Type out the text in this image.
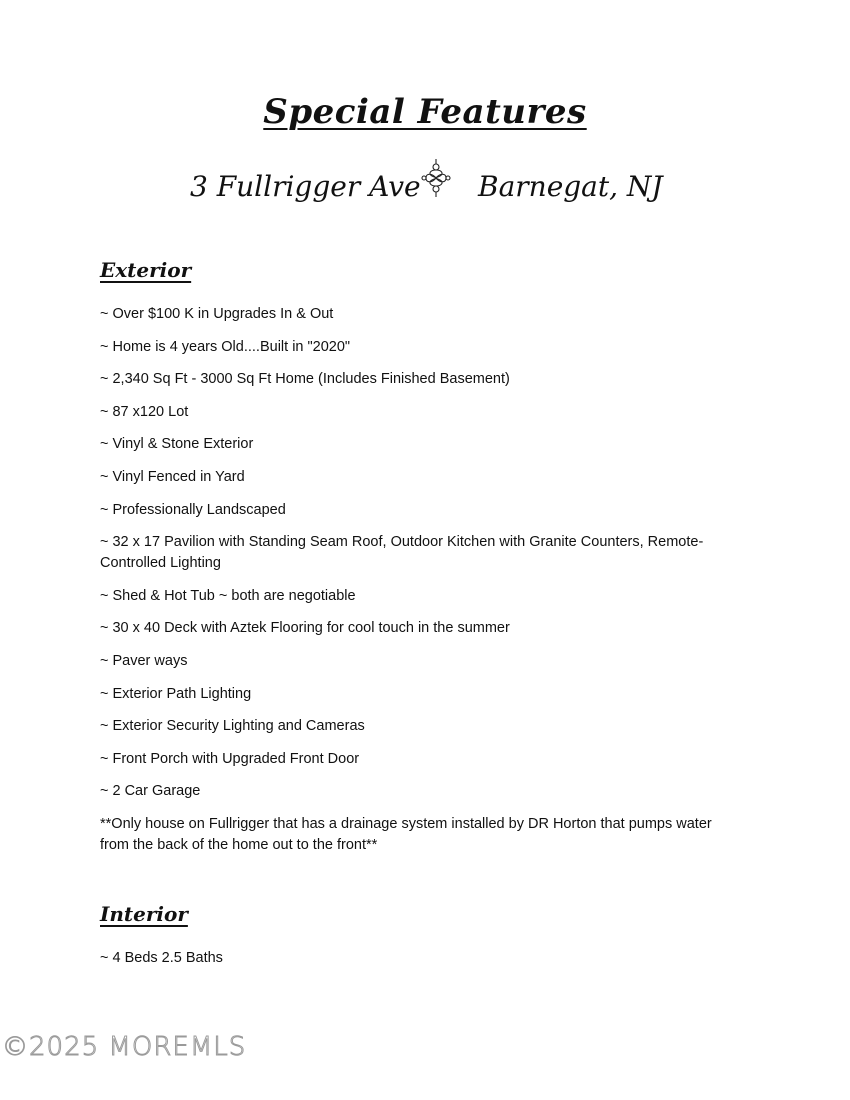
Special Features
3 Fullrigger Ave Barnegat, NJ
Exterior
~ Over $100 K in Upgrades In & Out
~ Home is 4 years Old....Built in "2020"
~ 2,340 Sq Ft - 3000 Sq Ft Home (Includes Finished Basement)
~ 87 x120 Lot
~ Vinyl & Stone Exterior
~ Vinyl Fenced in Yard
~ Professionally Landscaped
~ 32 x 17 Pavilion with Standing Seam Roof, Outdoor Kitchen with Granite Counters, Remote-Controlled Lighting
~ Shed & Hot Tub ~ both are negotiable
~ 30 x 40 Deck with Aztek Flooring for cool touch in the summer
~ Paver ways
~ Exterior Path Lighting
~ Exterior Security Lighting and Cameras
~ Front Porch with Upgraded Front Door
~ 2 Car Garage
**Only house on Fullrigger that has a drainage system installed by DR Horton that pumps water from the back of the home out to the front**
Interior
~ 4 Beds 2.5 Baths
©2025 MOREMLS
